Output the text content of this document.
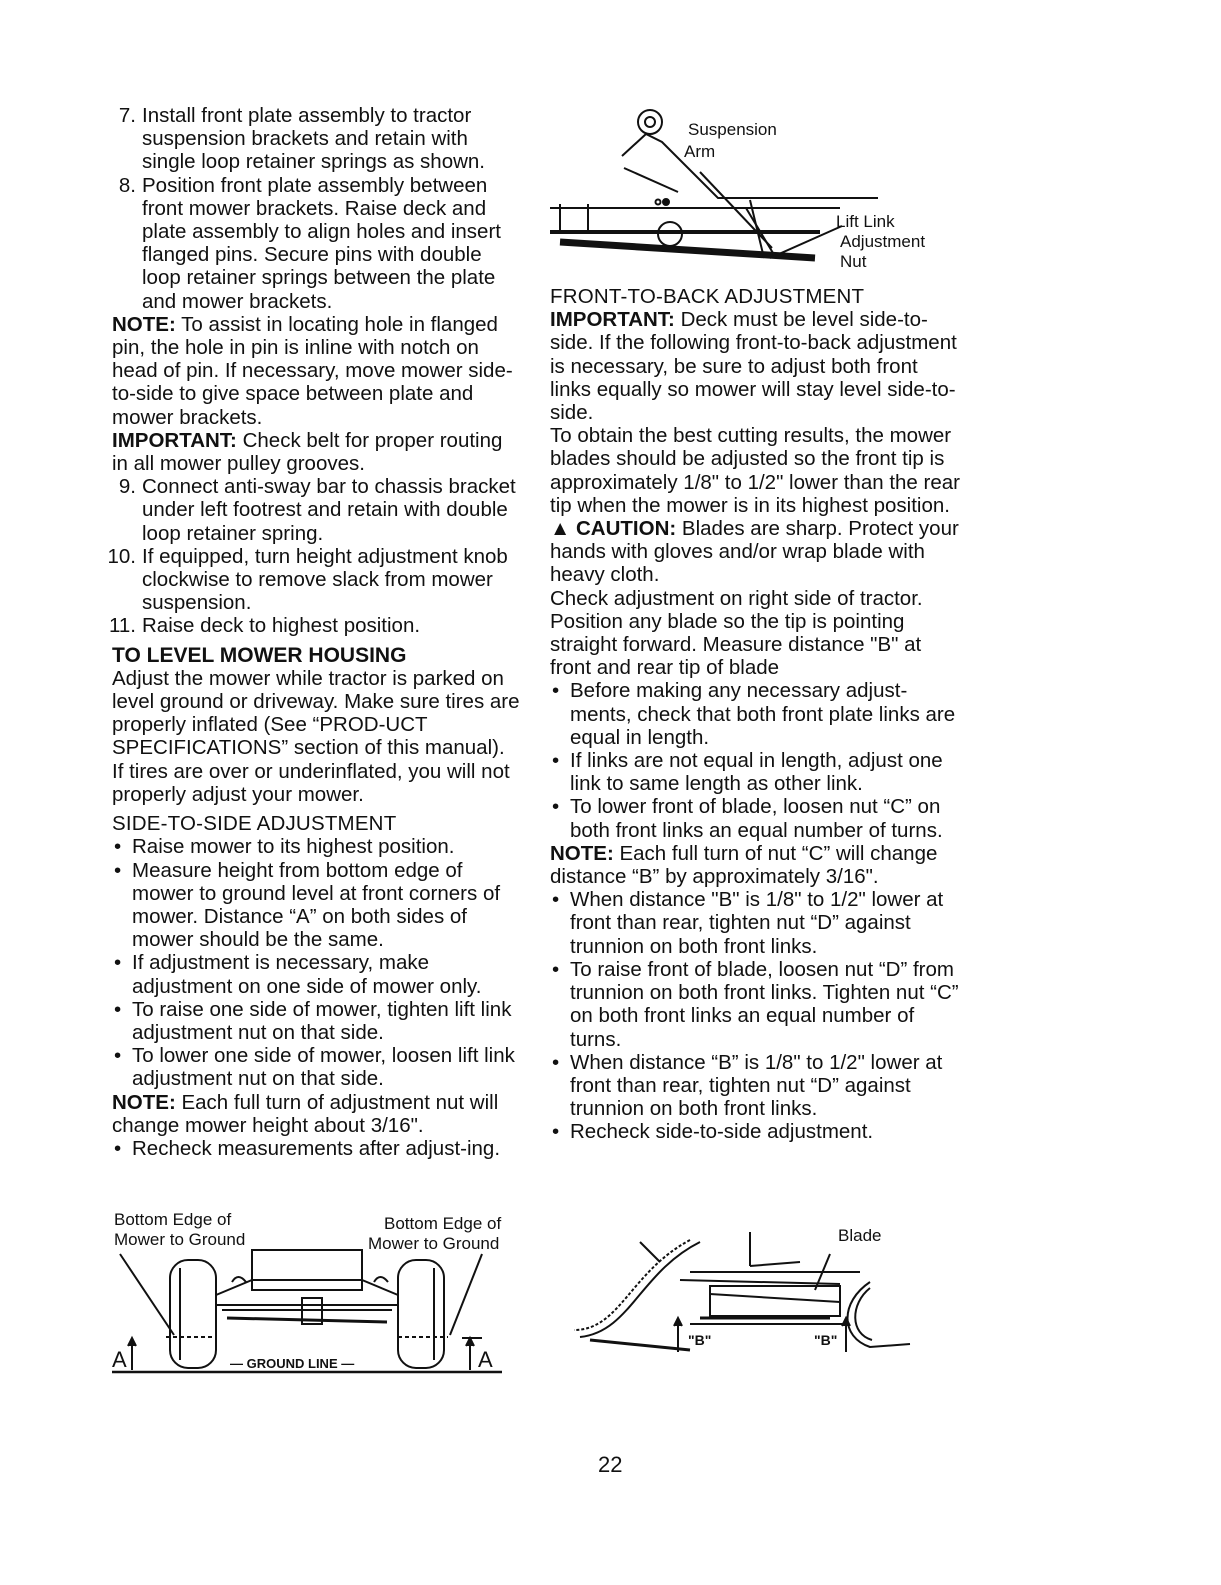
7. Install front plate assembly to tractor suspension brackets and retain with single loop retainer springs as shown.
8. Position front plate assembly between front mower brackets. Raise deck and plate assembly to align holes and insert flanged pins. Secure pins with double loop retainer springs between the plate and mower brackets.

NOTE: To assist in locating hole in flanged pin, the hole in pin is inline with notch on head of pin. If necessary, move mower side-to-side to give space between plate and mower brackets.

IMPORTANT: Check belt for proper routing in all mower pulley grooves.

9. Connect anti-sway bar to chassis bracket under left footrest and retain with double loop retainer spring.
10. If equipped, turn height adjustment knob clockwise to remove slack from mower suspension.
11. Raise deck to highest position.

TO LEVEL MOWER HOUSING

Adjust the mower while tractor is parked on level ground or driveway. Make sure tires are properly inflated (See “PROD-UCT SPECIFICATIONS” section of this manual). If tires are over or underinflated, you will not properly adjust your mower.

SIDE-TO-SIDE ADJUSTMENT

• Raise mower to its highest position.
• Measure height from bottom edge of mower to ground level at front corners of mower. Distance “A” on both sides of mower should be the same.
• If adjustment is necessary, make adjustment on one side of mower only.
• To raise one side of mower, tighten lift link adjustment nut on that side.
• To lower one side of mower, loosen lift link adjustment nut on that side.

NOTE: Each full turn of adjustment nut will change mower height about 3/16".

• Recheck measurements after adjust-ing.
Bottom Edge of
Mower to Ground
Bottom Edge of
Mower to Ground
— GROUND LINE —
A	A
Suspension
Arm
Lift Link
Adjustment
Nut

FRONT-TO-BACK ADJUSTMENT

IMPORTANT: Deck must be level side-to-side. If the following front-to-back adjustment is necessary, be sure to adjust both front links equally so mower will stay level side-to-side.

To obtain the best cutting results, the mower blades should be adjusted so the front tip is approximately 1/8" to 1/2" lower than the rear tip when the mower is in its highest position.

▲ CAUTION: Blades are sharp. Protect your hands with gloves and/or wrap blade with heavy cloth.

Check adjustment on right side of tractor. Position any blade so the tip is pointing straight forward. Measure distance "B" at front and rear tip of blade

• Before making any necessary adjust-ments, check that both front plate links are equal in length.
• If links are not equal in length, adjust one link to same length as other link.
• To lower front of blade, loosen nut “C” on both front links an equal number of turns.

NOTE: Each full turn of nut “C” will change distance “B” by approximately 3/16".

• When distance "B" is 1/8" to 1/2" lower at front than rear, tighten nut “D” against trunnion on both front links.
• To raise front of blade, loosen nut “D” from trunnion on both front links. Tighten nut “C” on both front links an equal number of turns.
• When distance “B” is 1/8" to 1/2" lower at front than rear, tighten nut “D” against trunnion on both front links.
• Recheck side-to-side adjustment.
Blade
"B"	"B"
22
